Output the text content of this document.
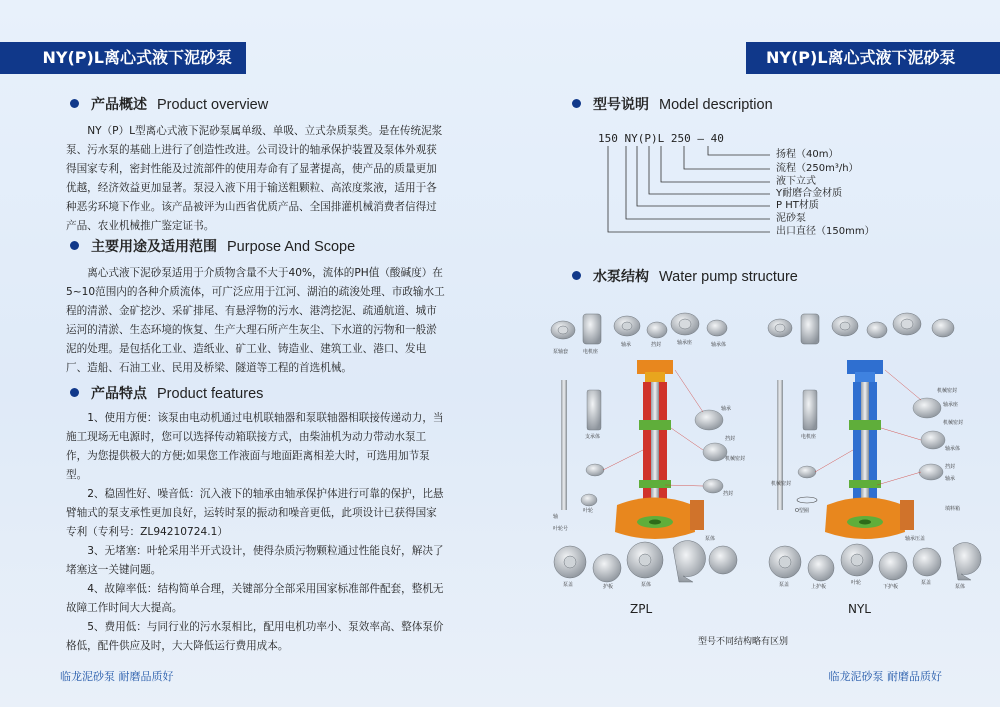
NY(P)L离心式液下泥砂泵
产品概述 Product overview

NY（P）L型离心式液下泥砂泵属单级、单吸、立式杂质泵类。是在传统泥浆泵、污水泵的基础上进行了创造性改进。公司设计的轴承保护装置及泵体外观获得国家专利，密封性能及过流部件的使用寿命有了显著提高，使产品的质量更加优越，经济效益更加显著。泵浸入液下用于输送粗颗粒、高浓度浆液，适用于各种恶劣环境下作业。该产品被评为山西省优质产品、全国排灌机械消费者信得过产品、农业机械推广鉴定证书。

主要用途及适用范围 Purpose And Scope

离心式液下泥砂泵适用于介质物含量不大于40%，流体的PH值（酸碱度）在5~10范围内的各种介质流体，可广泛应用于江河、湖泊的疏浚处理、市政输水工程的清淤、金矿挖沙、采矿排尾、有悬浮物的污水、港湾挖泥、疏通航道、城市运河的清淤、生态环境的恢复、生产大理石所产生灰尘、下水道的污物和一般淤泥的处理。是包括化工业、造纸业、矿工业、铸造业、建筑工业、港口、发电厂、造船、石油工业、民用及桥梁、隧道等工程的首选机械。

产品特点 Product features

1、使用方便：该泵由电动机通过电机联轴器和泵联轴器相联接传递动力，当施工现场无电源时，您可以选择传动箱联接方式，由柴油机为动力带动水泵工作，为您提供极大的方便;如果您工作液面与地面距离相差大时，可选用加节泵型。

2、稳固性好、噪音低：沉入液下的轴承由轴承保护体进行可靠的保护，比悬臂轴式的泵支承性更加良好，运转时泵的振动和噪音更低，此项设计已获得国家专利（专利号：ZL94210724.1）

3、无堵塞：叶轮采用半开式设计，使得杂质污物颗粒通过性能良好，解决了堵塞这一关键问题。

4、故障率低：结构简单合理，关键部分全部采用国家标准部件配套，整机无故障工作时间大大提高。

5、费用低：与同行业的污水泵相比，配用电机功率小、泵效率高、整体泵价格低，配件供应及时，大大降低运行费用成本。

临龙泥砂泵 耐磨品质好
NY(P)L离心式液下泥砂泵
型号说明 Model description
150 NY(P)L 250 – 40
扬程（40m）
流程（250m³/h）
液下立式
Y耐磨合金材质
P HT材质
泥砂泵
出口直径（150mm）
水泵结构 Water pump structure
泵轴套	电机座
轴承	挡封	轴承座	轴承体
支承体
轴承
挡封
机械密封
挡封
轴
泵体
叶轮
叶轮号
泵盖	护板	泵体
机械密封
轴承座
机械密封
轴承体
电机座
挡封
轴承
机械密封
填料箱
O型圈
泵盖	上护板
叶轮
下护板
泵盖
泵体
轴承压盖
ZPL	NYL
型号不同结构略有区别
临龙泥砂泵 耐磨品质好
